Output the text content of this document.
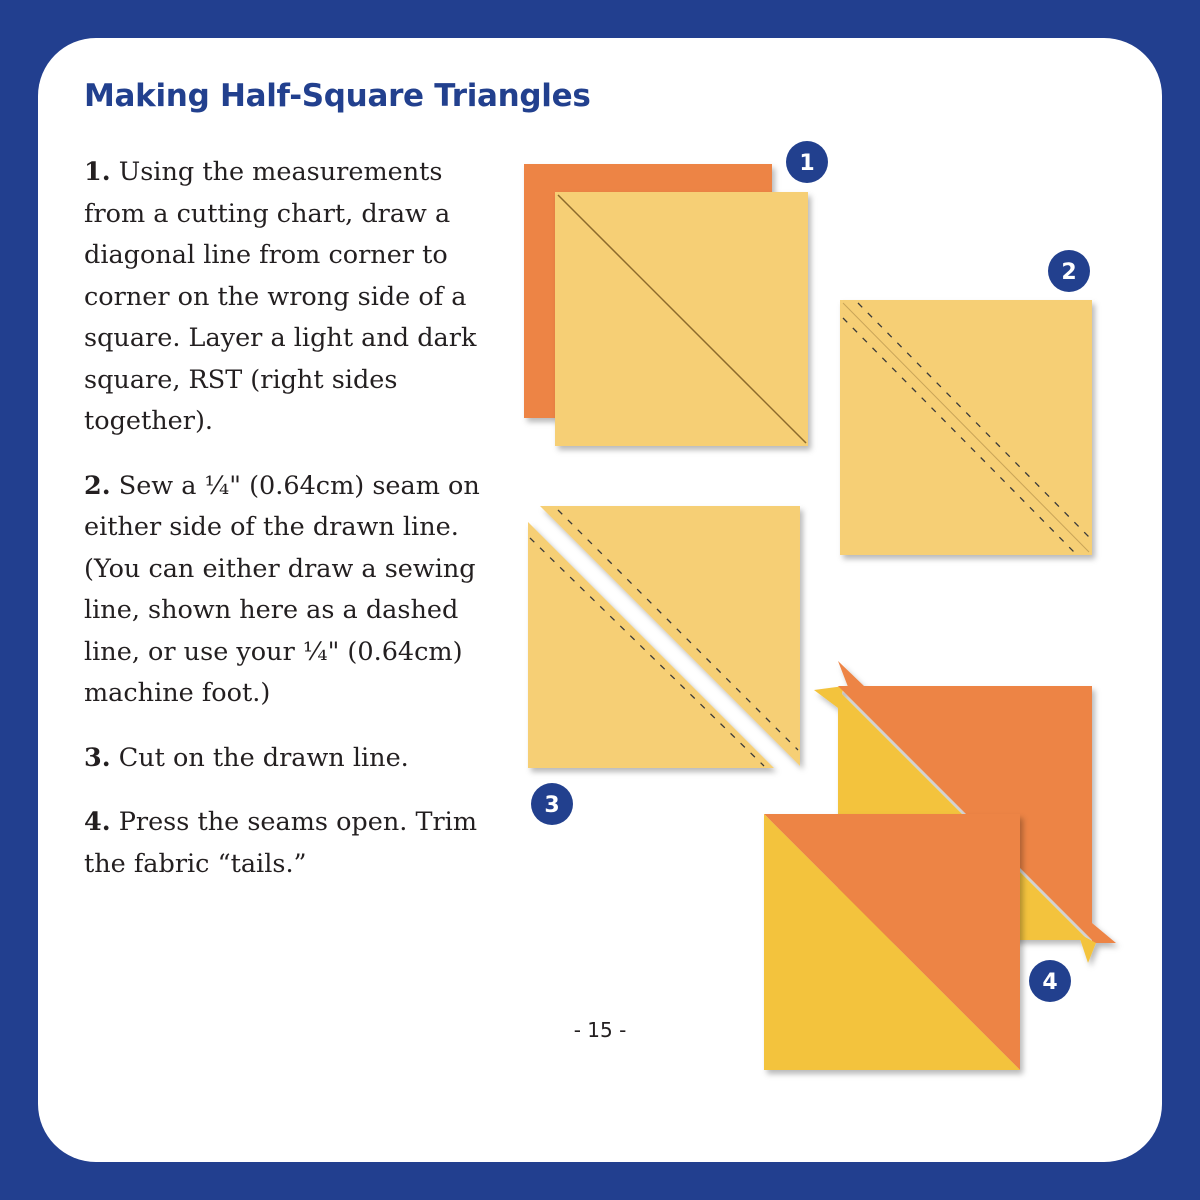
Making Half-Square Triangles

1. Using the measurements from a cutting chart, draw a diagonal line from corner to corner on the wrong side of a square. Layer a light and dark square, RST (right sides together).

2. Sew a ¼" (0.64cm) seam on either side of the drawn line. (You can either draw a sewing line, shown here as a dashed line, or use your ¼" (0.64cm) machine foot.)

3. Cut on the drawn line.

4. Press the seams open. Trim the fabric “tails.”

1
2
3
4
- 15 -
